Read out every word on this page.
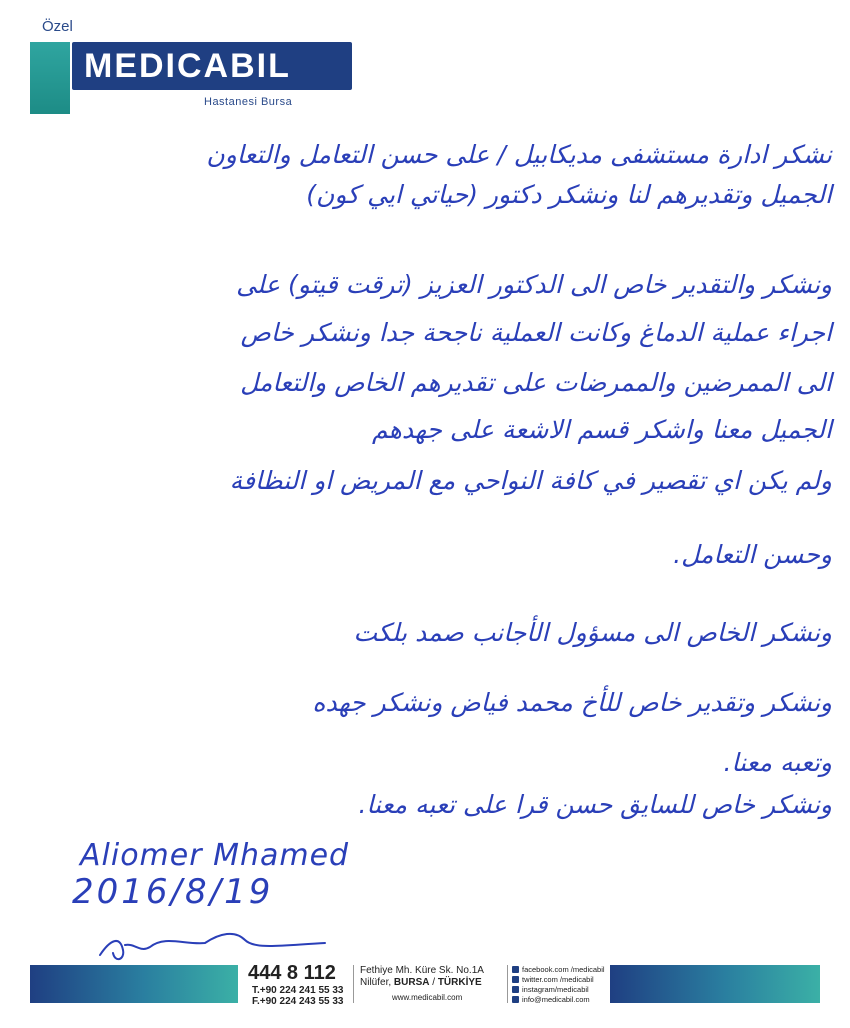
Özel
MEDICABIL
Hastanesi Bursa
نشكر ادارة مستشفى مديكابيل / على حسن التعامل والتعاون
الجميل وتقديرهم لنا ونشكر دكتور (حياتي ايي كون)
ونشكر والتقدير خاص الى الدكتور العزيز (ترقت قيتو) على
اجراء عملية الدماغ وكانت العملية ناجحة جدا ونشكر خاص
الى الممرضين والممرضات على تقديرهم الخاص والتعامل
الجميل معنا واشكر قسم الاشعة على جهدهم
ولم يكن اي تقصير في كافة النواحي مع المريض او النظافة
وحسن التعامل.
ونشكر الخاص الى مسؤول الأجانب صمد بلكت
ونشكر وتقدير خاص للأخ محمد فياض ونشكر جهده
وتعبه معنا.
ونشكر خاص للسايق حسن قرا على تعبه معنا.
Aliomer Mhamed
2016/8/19
444 8 112
T.+90 224 241 55 33
F.+90 224 243 55 33
Fethiye Mh. Küre Sk. No.1A
Nilüfer, BURSA / TÜRKİYE
www.medicabil.com
facebook.com /medicabil
twitter.com /medicabil
instagram/medicabil
info@medicabil.com
